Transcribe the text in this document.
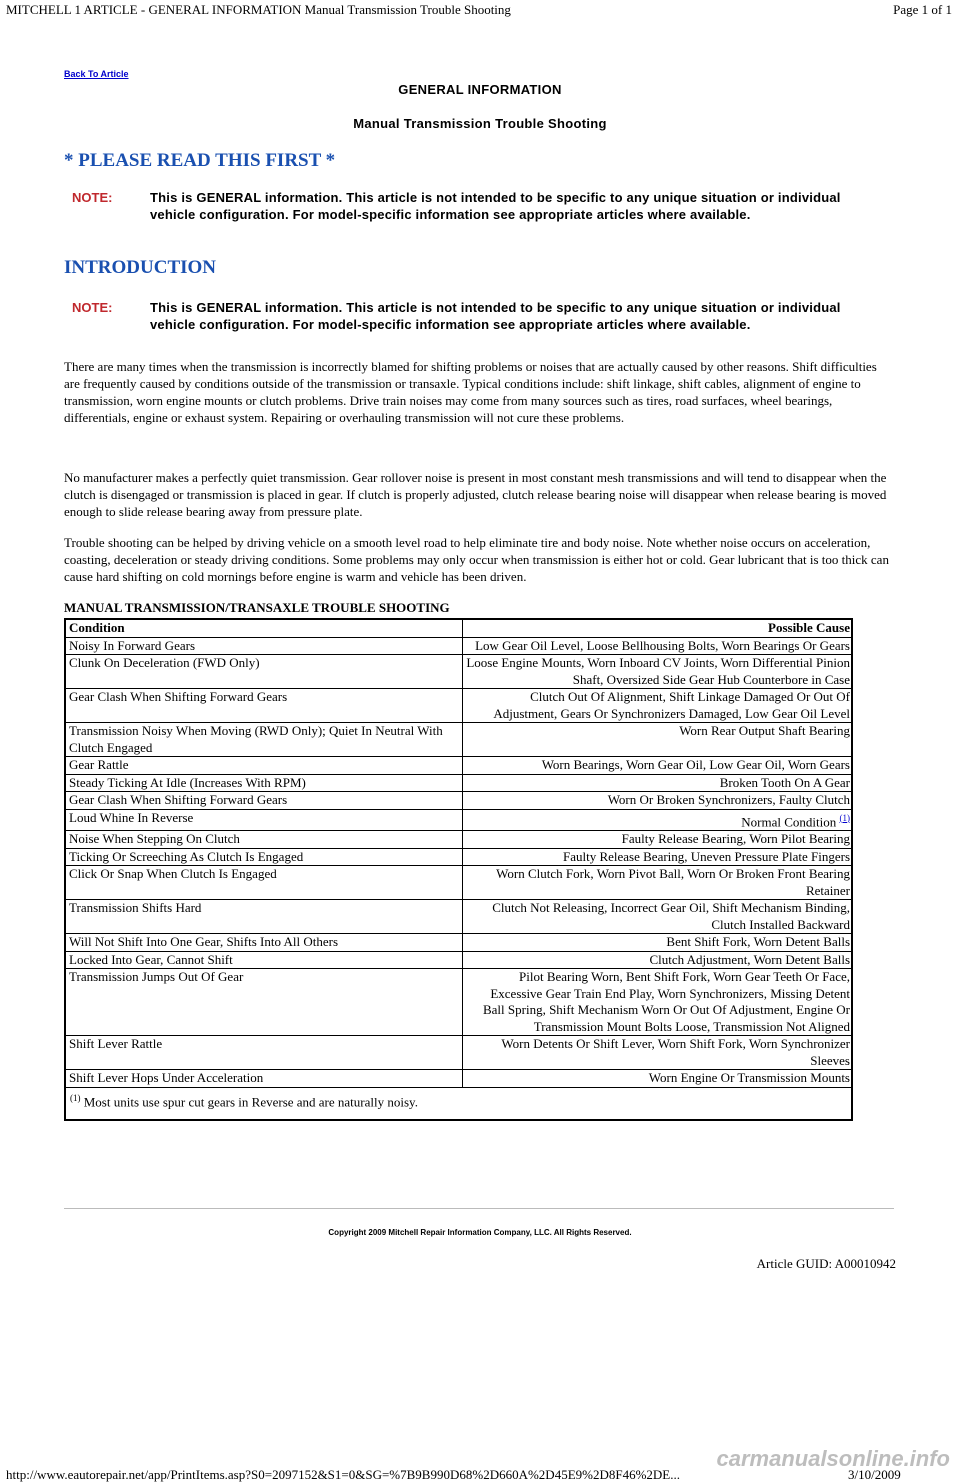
MITCHELL 1 ARTICLE - GENERAL INFORMATION Manual Transmission Trouble Shooting	Page 1 of 1
Back To Article
GENERAL INFORMATION
Manual Transmission Trouble Shooting
* PLEASE READ THIS FIRST *
NOTE:	This is GENERAL information. This article is not intended to be specific to any unique situation or individual vehicle configuration. For model-specific information see appropriate articles where available.
INTRODUCTION
NOTE:	This is GENERAL information. This article is not intended to be specific to any unique situation or individual vehicle configuration. For model-specific information see appropriate articles where available.
There are many times when the transmission is incorrectly blamed for shifting problems or noises that are actually caused by other reasons. Shift difficulties are frequently caused by conditions outside of the transmission or transaxle. Typical conditions include: shift linkage, shift cables, alignment of engine to transmission, worn engine mounts or clutch problems. Drive train noises may come from many sources such as tires, road surfaces, wheel bearings, differentials, engine or exhaust system. Repairing or overhauling transmission will not cure these problems.
No manufacturer makes a perfectly quiet transmission. Gear rollover noise is present in most constant mesh transmissions and will tend to disappear when the clutch is disengaged or transmission is placed in gear. If clutch is properly adjusted, clutch release bearing noise will disappear when release bearing is moved enough to slide release bearing away from pressure plate.
Trouble shooting can be helped by driving vehicle on a smooth level road to help eliminate tire and body noise. Note whether noise occurs on acceleration, coasting, deceleration or steady driving conditions. Some problems may only occur when transmission is either hot or cold. Gear lubricant that is too thick can cause hard shifting on cold mornings before engine is warm and vehicle has been driven.
MANUAL TRANSMISSION/TRANSAXLE TROUBLE SHOOTING
Condition	Possible Cause
Noisy In Forward Gears	Low Gear Oil Level, Loose Bellhousing Bolts, Worn Bearings Or Gears
Clunk On Deceleration (FWD Only)	Loose Engine Mounts, Worn Inboard CV Joints, Worn Differential Pinion Shaft, Oversized Side Gear Hub Counterbore in Case
Gear Clash When Shifting Forward Gears	Clutch Out Of Alignment, Shift Linkage Damaged Or Out Of Adjustment, Gears Or Synchronizers Damaged, Low Gear Oil Level
Transmission Noisy When Moving (RWD Only); Quiet In Neutral With Clutch Engaged	Worn Rear Output Shaft Bearing
Gear Rattle	Worn Bearings, Worn Gear Oil, Low Gear Oil, Worn Gears
Steady Ticking At Idle (Increases With RPM)	Broken Tooth On A Gear
Gear Clash When Shifting Forward Gears	Worn Or Broken Synchronizers, Faulty Clutch
Loud Whine In Reverse	Normal Condition $^{(1)}$
Noise When Stepping On Clutch	Faulty Release Bearing, Worn Pilot Bearing
Ticking Or Screeching As Clutch Is Engaged	Faulty Release Bearing, Uneven Pressure Plate Fingers
Click Or Snap When Clutch Is Engaged	Worn Clutch Fork, Worn Pivot Ball, Worn Or Broken Front Bearing Retainer
Transmission Shifts Hard	Clutch Not Releasing, Incorrect Gear Oil, Shift Mechanism Binding, Clutch Installed Backward
Will Not Shift Into One Gear, Shifts Into All Others	Bent Shift Fork, Worn Detent Balls
Locked Into Gear, Cannot Shift	Clutch Adjustment, Worn Detent Balls
Transmission Jumps Out Of Gear	Pilot Bearing Worn, Bent Shift Fork, Worn Gear Teeth Or Face, Excessive Gear Train End Play, Worn Synchronizers, Missing Detent Ball Spring, Shift Mechanism Worn Or Out Of Adjustment, Engine Or Transmission Mount Bolts Loose, Transmission Not Aligned
Shift Lever Rattle	Worn Detents Or Shift Lever, Worn Shift Fork, Worn Synchronizer Sleeves
Shift Lever Hops Under Acceleration	Worn Engine Or Transmission Mounts
$^{(1)}$ Most units use spur cut gears in Reverse and are naturally noisy.	
Copyright 2009 Mitchell Repair Information Company, LLC. All Rights Reserved.
Article GUID: A00010942
carmanualsonline.info
http://www.eautorepair.net/app/PrintItems.asp?S0=2097152&S1=0&SG=%7B9B990D68%2D660A%2D45E9%2D8F46%2DE...	3/10/2009
